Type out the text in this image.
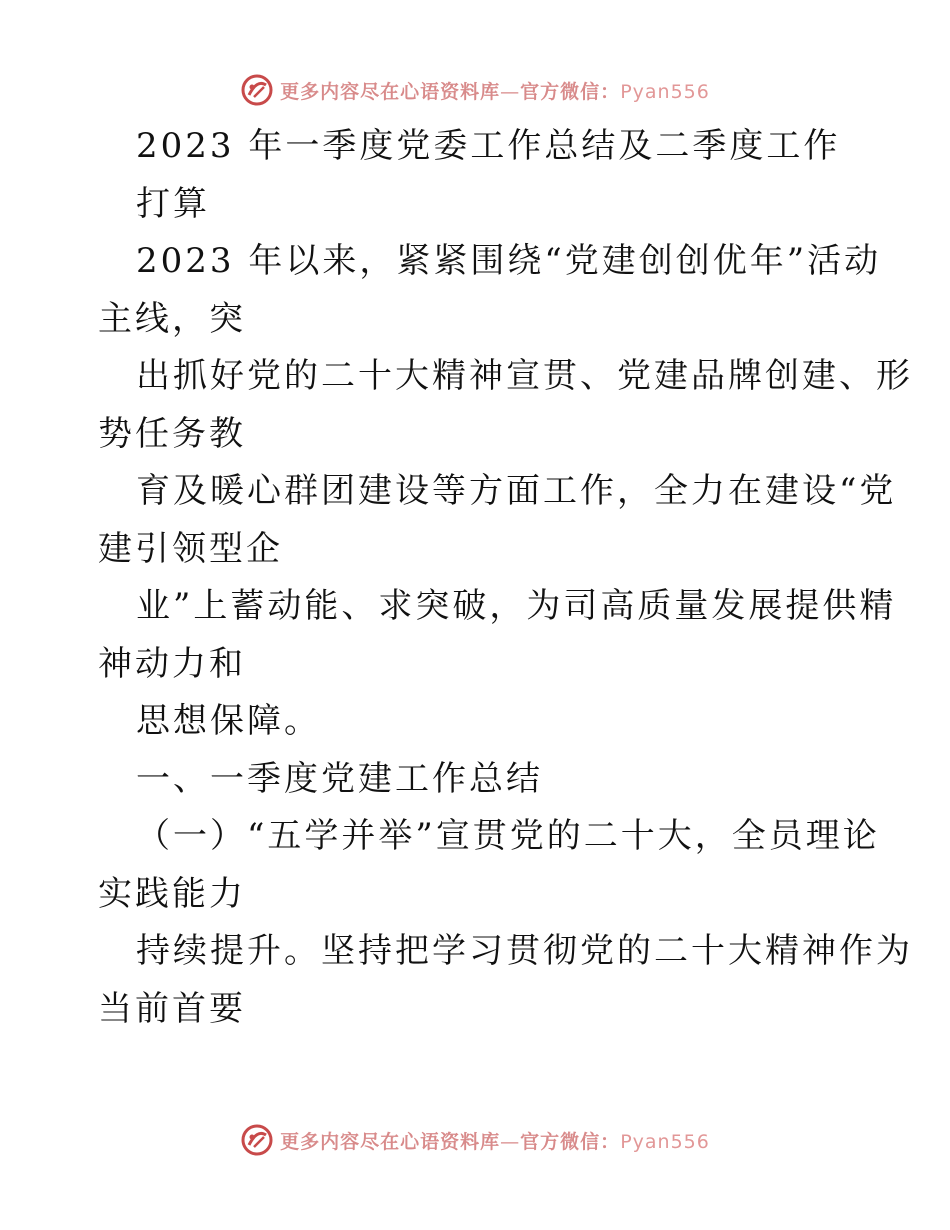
更多内容尽在心语资料库—官方微信：Pyan556
2023 年一季度党委工作总结及二季度工作
打算
2023 年以来，紧紧围绕“党建创创优年”活动
主线，突
出抓好党的二十大精神宣贯、党建品牌创建、形
势任务教
育及暖心群团建设等方面工作，全力在建设“党
建引领型企
业”上蓄动能、求突破，为司高质量发展提供精
神动力和
思想保障。
一、一季度党建工作总结
（一）“五学并举”宣贯党的二十大，全员理论
实践能力
持续提升。坚持把学习贯彻党的二十大精神作为
当前首要
更多内容尽在心语资料库—官方微信：Pyan556
